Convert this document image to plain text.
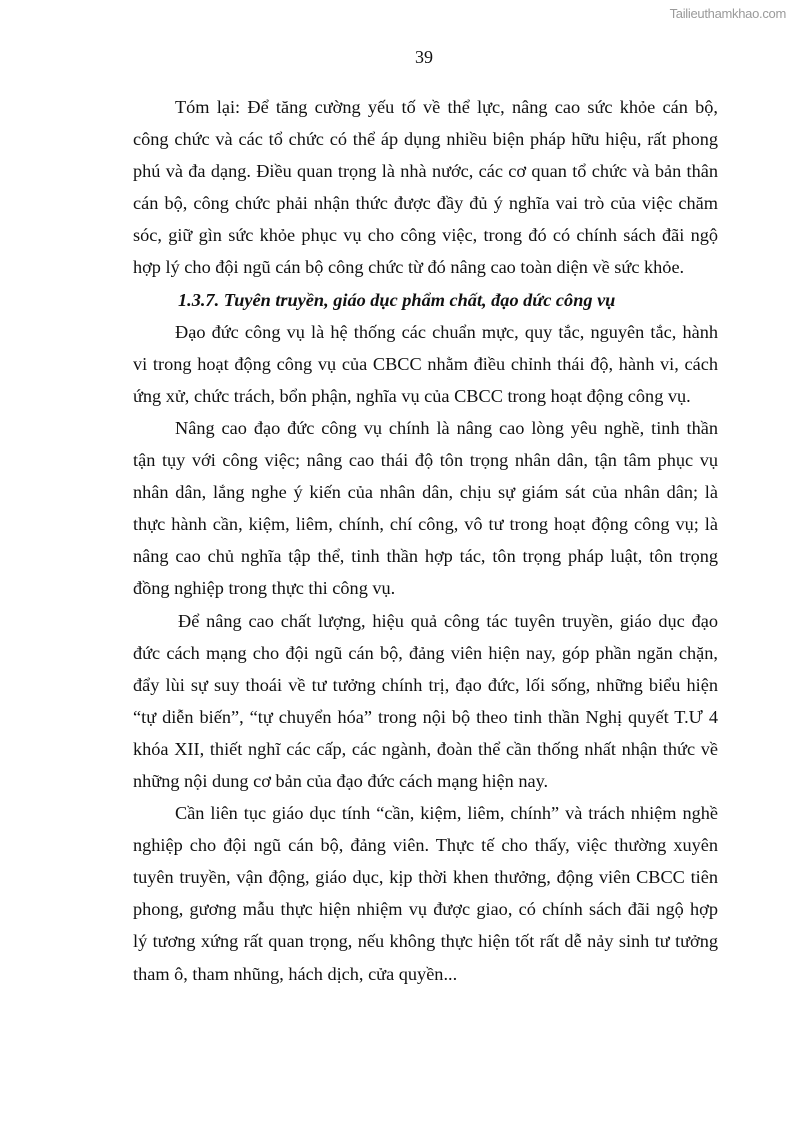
Tailieuthamkhao.com
39
Tóm lại: Để tăng cường yếu tố về thể lực, nâng cao sức khỏe cán bộ,
công chức và các tổ chức có thể áp dụng nhiều biện pháp hữu hiệu, rất phong
phú và đa dạng. Điều quan trọng là nhà nước, các cơ quan tổ chức và bản thân
cán bộ, công chức phải nhận thức được đầy đủ ý nghĩa vai trò của việc chăm
sóc, giữ gìn sức khỏe phục vụ cho công việc, trong đó có chính sách đãi ngộ
hợp lý cho đội ngũ cán bộ công chức từ đó nâng cao toàn diện về sức khỏe.
1.3.7. Tuyên truyền, giáo dục phẩm chất, đạo dức công vụ
Đạo đức công vụ là hệ thống các chuẩn mực, quy tắc, nguyên tắc, hành
vi trong hoạt động công vụ của CBCC nhằm điều chỉnh thái độ, hành vi, cách
ứng xử, chức trách, bổn phận, nghĩa vụ của CBCC trong hoạt động công vụ.
Nâng cao đạo đức công vụ chính là nâng cao lòng yêu nghề, tinh thần
tận tụy với công việc; nâng cao thái độ tôn trọng nhân dân, tận tâm phục vụ
nhân dân, lắng nghe ý kiến của nhân dân, chịu sự giám sát của nhân dân; là
thực hành cần, kiệm, liêm, chính, chí công, vô tư trong hoạt động công vụ; là
nâng cao chủ nghĩa tập thể, tinh thần hợp tác, tôn trọng pháp luật, tôn trọng
đồng nghiệp trong thực thi công vụ.
Để nâng cao chất lượng, hiệu quả công tác tuyên truyền, giáo dục đạo
đức cách mạng cho đội ngũ cán bộ, đảng viên hiện nay, góp phần ngăn chặn,
đẩy lùi sự suy thoái về tư tưởng chính trị, đạo đức, lối sống, những biểu hiện
“tự diễn biến”, “tự chuyển hóa” trong nội bộ theo tinh thần Nghị quyết T.Ư 4
khóa XII, thiết nghĩ các cấp, các ngành, đoàn thể cần thống nhất nhận thức về
những nội dung cơ bản của đạo đức cách mạng hiện nay.
Cần liên tục giáo dục tính “cần, kiệm, liêm, chính” và trách nhiệm nghề
nghiệp cho đội ngũ cán bộ, đảng viên. Thực tế cho thấy, việc thường xuyên
tuyên truyền, vận động, giáo dục, kịp thời khen thưởng, động viên CBCC tiên
phong, gương mẫu thực hiện nhiệm vụ được giao, có chính sách đãi ngộ hợp
lý tương xứng rất quan trọng, nếu không thực hiện tốt rất dễ nảy sinh tư tưởng
tham ô, tham nhũng, hách dịch, cửa quyền...
